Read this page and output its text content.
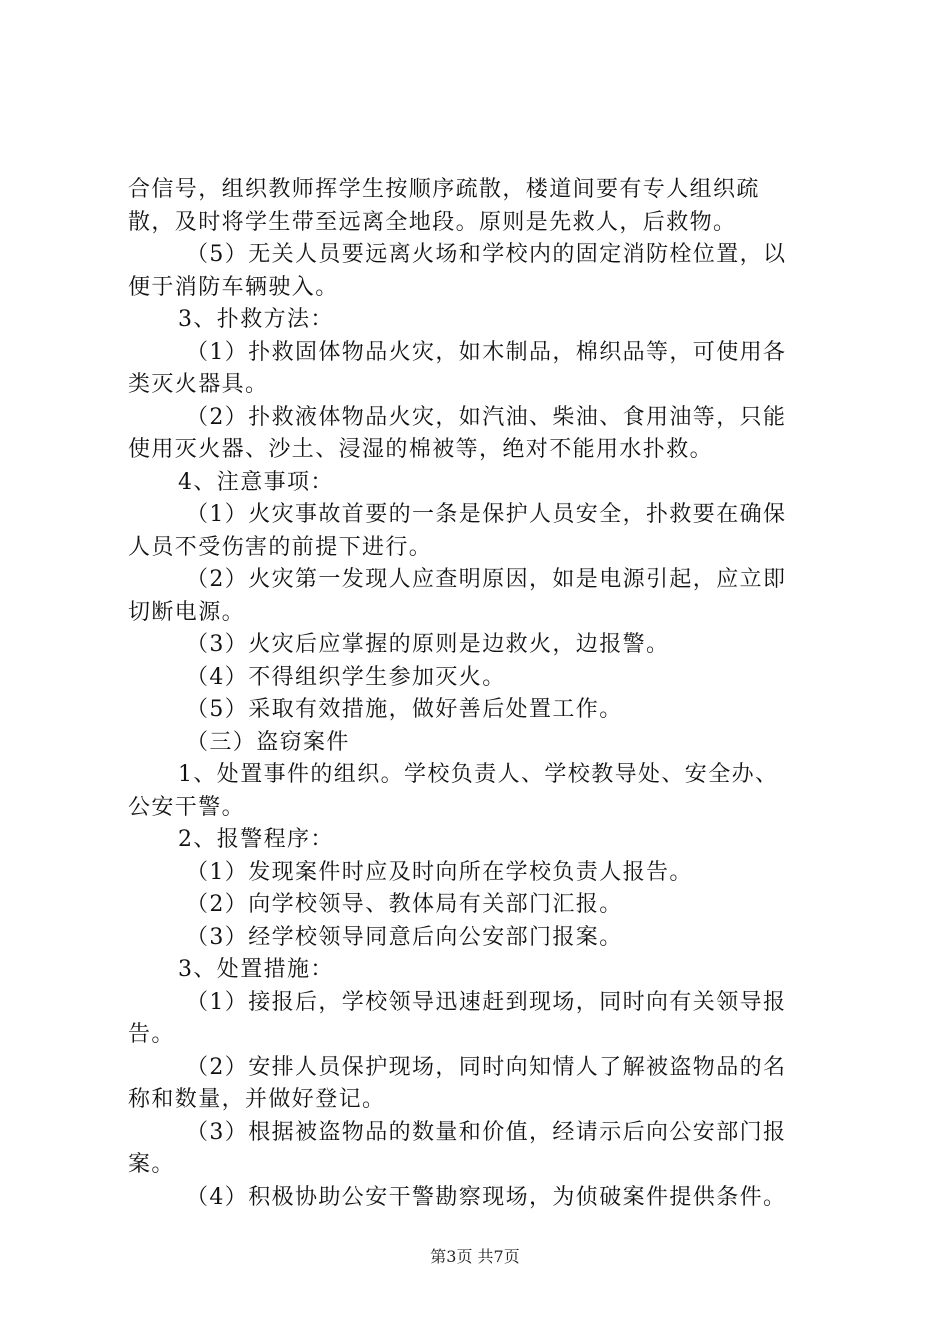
合信号，组织教师挥学生按顺序疏散，楼道间要有专人组织疏
散，及时将学生带至远离全地段。原则是先救人，后救物。
（5）无关人员要远离火场和学校内的固定消防栓位置，以
便于消防车辆驶入。
3、扑救方法：
（1）扑救固体物品火灾，如木制品，棉织品等，可使用各
类灭火器具。
（2）扑救液体物品火灾，如汽油、柴油、食用油等，只能
使用灭火器、沙土、浸湿的棉被等，绝对不能用水扑救。
4、注意事项：
（1）火灾事故首要的一条是保护人员安全，扑救要在确保
人员不受伤害的前提下进行。
（2）火灾第一发现人应查明原因，如是电源引起，应立即
切断电源。
（3）火灾后应掌握的原则是边救火，边报警。
（4）不得组织学生参加灭火。
（5）采取有效措施，做好善后处置工作。
（三）盗窃案件
1、处置事件的组织。学校负责人、学校教导处、安全办、
公安干警。
2、报警程序：
（1）发现案件时应及时向所在学校负责人报告。
（2）向学校领导、教体局有关部门汇报。
（3）经学校领导同意后向公安部门报案。
3、处置措施：
（1）接报后，学校领导迅速赶到现场，同时向有关领导报
告。
（2）安排人员保护现场，同时向知情人了解被盗物品的名
称和数量，并做好登记。
（3）根据被盗物品的数量和价值，经请示后向公安部门报
案。
（4）积极协助公安干警勘察现场，为侦破案件提供条件。
第3页 共7页
